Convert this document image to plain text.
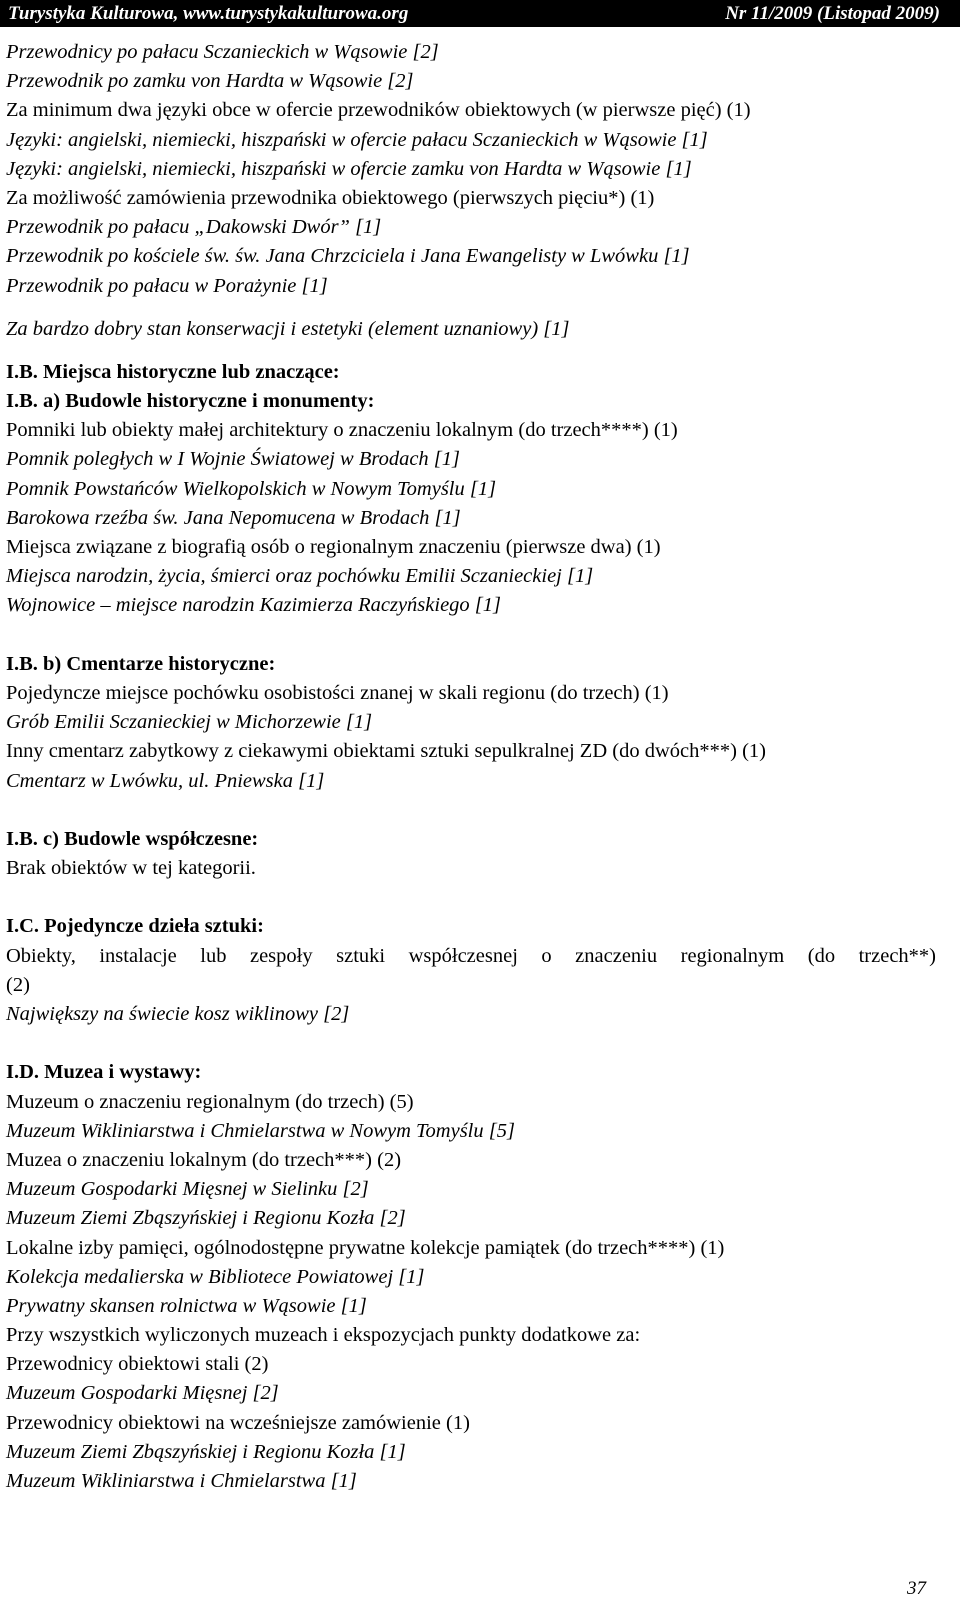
Turystyka Kulturowa, www.turystykakulturowa.org	Nr 11/2009 (Listopad 2009)
Przewodnicy po pałacu Sczanieckich w Wąsowie [2]
Przewodnik po zamku von Hardta w Wąsowie [2]
Za minimum dwa języki obce w ofercie przewodników obiektowych (w pierwsze pięć) (1)
Języki: angielski, niemiecki, hiszpański w ofercie pałacu Sczanieckich w Wąsowie [1]
Języki: angielski, niemiecki, hiszpański w ofercie zamku von Hardta w Wąsowie [1]
Za możliwość zamówienia przewodnika obiektowego (pierwszych pięciu*) (1)
Przewodnik po pałacu „Dakowski Dwór” [1]
Przewodnik po kościele św. św. Jana Chrzciciela i Jana Ewangelisty w Lwówku [1]
Przewodnik po pałacu w Porażynie [1]
Za bardzo dobry stan konserwacji i estetyki (element uznaniowy) [1]
I.B. Miejsca historyczne lub znaczące:
I.B. a) Budowle historyczne i monumenty:
Pomniki lub obiekty małej architektury o znaczeniu lokalnym (do trzech****) (1)
Pomnik poległych w I Wojnie Światowej w Brodach [1]
Pomnik Powstańców Wielkopolskich w Nowym Tomyślu [1]
Barokowa rzeźba św. Jana Nepomucena w Brodach [1]
Miejsca związane z biografią osób o regionalnym znaczeniu (pierwsze dwa) (1)
Miejsca narodzin, życia, śmierci oraz pochówku Emilii Sczanieckiej [1]
Wojnowice – miejsce narodzin Kazimierza Raczyńskiego [1]
I.B. b) Cmentarze historyczne:
Pojedyncze miejsce pochówku osobistości znanej w skali regionu (do trzech) (1)
Grób Emilii Sczanieckiej w Michorzewie [1]
Inny cmentarz zabytkowy z ciekawymi obiektami sztuki sepulkralnej ZD (do dwóch***) (1)
Cmentarz w Lwówku, ul. Pniewska [1]
I.B. c) Budowle współczesne:
Brak obiektów w tej kategorii.
I.C. Pojedyncze dzieła sztuki:
Obiekty, instalacje lub zespoły sztuki współczesnej o znaczeniu regionalnym (do trzech**)
(2)
Największy na świecie kosz wiklinowy [2]
I.D. Muzea i wystawy:
Muzeum o znaczeniu regionalnym (do trzech) (5)
Muzeum Wikliniarstwa i Chmielarstwa w Nowym Tomyślu [5]
Muzea o znaczeniu lokalnym (do trzech***) (2)
Muzeum Gospodarki Mięsnej w Sielinku [2]
Muzeum Ziemi Zbąszyńskiej i Regionu Kozła [2]
Lokalne izby pamięci, ogólnodostępne prywatne kolekcje pamiątek (do trzech****) (1)
Kolekcja medalierska w Bibliotece Powiatowej [1]
Prywatny skansen rolnictwa w Wąsowie [1]
Przy wszystkich wyliczonych muzeach i ekspozycjach punkty dodatkowe za:
Przewodnicy obiektowi stali (2)
Muzeum Gospodarki Mięsnej [2]
Przewodnicy obiektowi na wcześniejsze zamówienie (1)
Muzeum Ziemi Zbąszyńskiej i Regionu Kozła [1]
Muzeum Wikliniarstwa i Chmielarstwa [1]
37
